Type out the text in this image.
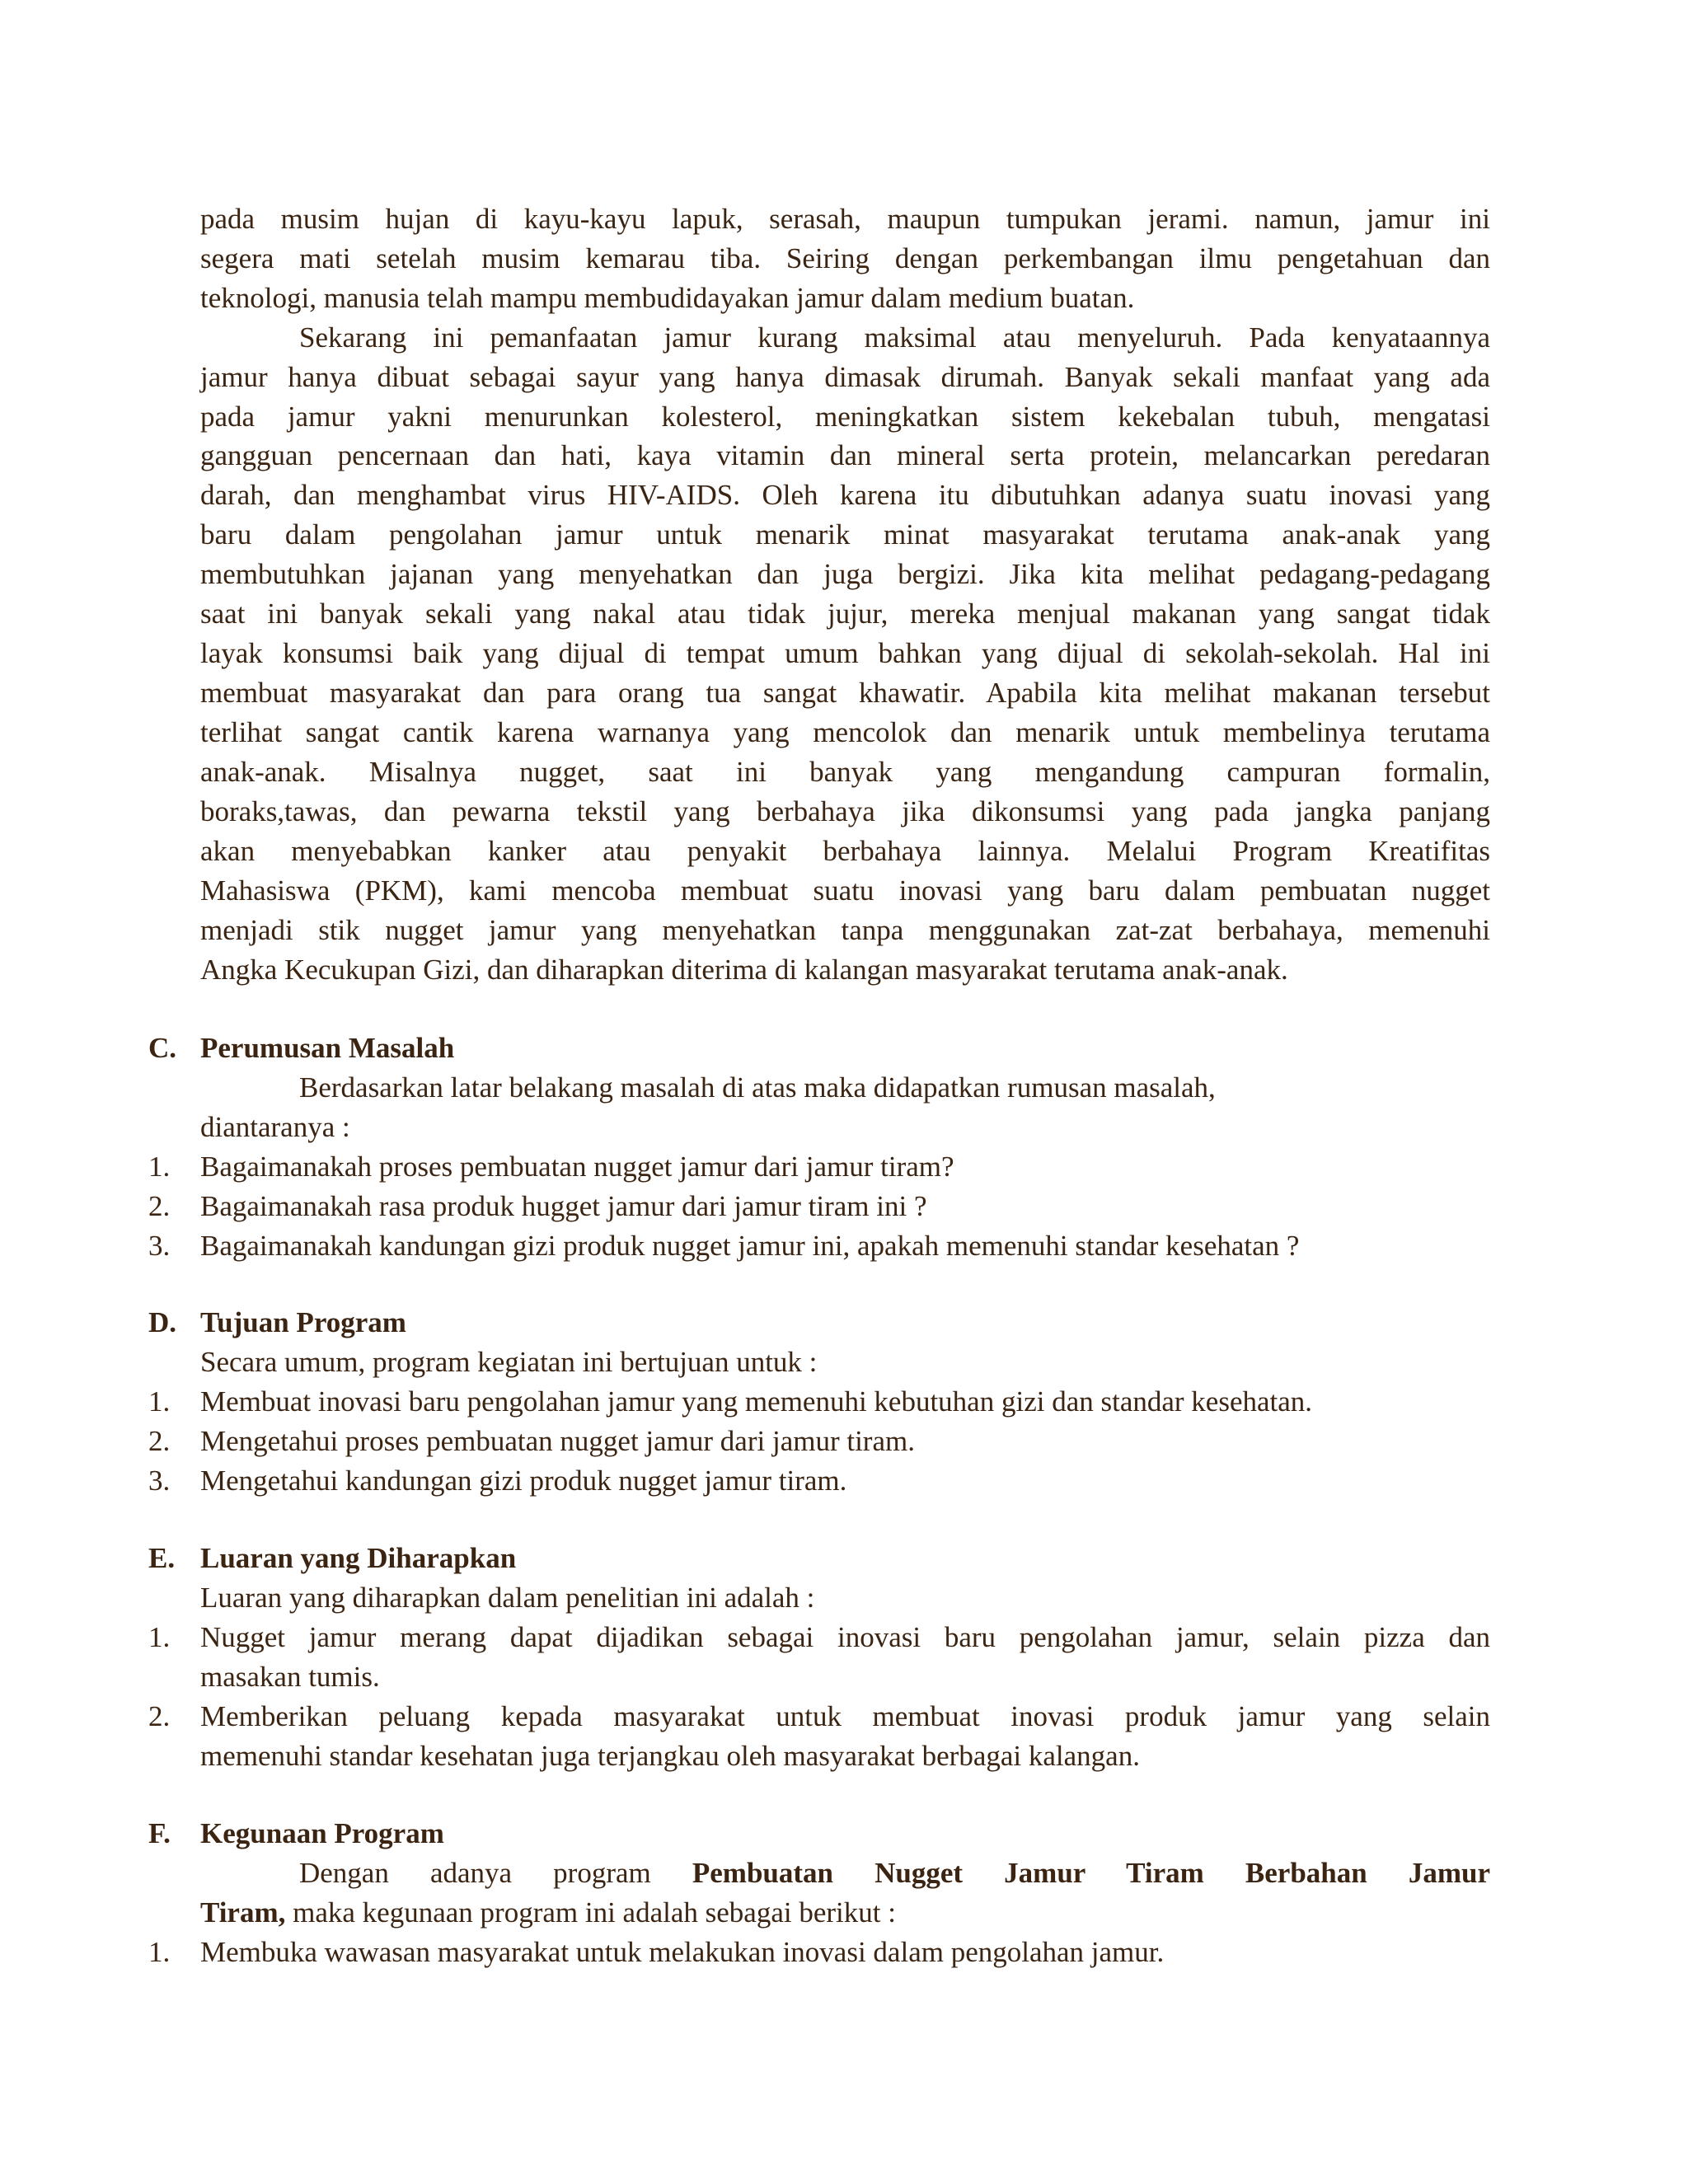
pada musim hujan di kayu-kayu lapuk, serasah, maupun tumpukan jerami. namun, jamur ini
segera mati setelah musim kemarau tiba. Seiring dengan perkembangan ilmu pengetahuan dan
teknologi, manusia telah mampu membudidayakan jamur dalam medium buatan.
Sekarang ini pemanfaatan jamur kurang maksimal atau menyeluruh. Pada kenyataannya
jamur hanya dibuat sebagai sayur yang hanya dimasak dirumah. Banyak sekali manfaat yang ada
pada jamur yakni menurunkan kolesterol, meningkatkan sistem kekebalan tubuh, mengatasi
gangguan pencernaan dan hati, kaya vitamin dan mineral serta protein, melancarkan peredaran
darah, dan menghambat virus HIV-AIDS. Oleh karena itu dibutuhkan adanya suatu inovasi yang
baru dalam pengolahan jamur untuk menarik minat masyarakat terutama anak-anak yang
membutuhkan jajanan yang menyehatkan dan juga bergizi. Jika kita melihat pedagang-pedagang
saat ini banyak sekali yang nakal atau tidak jujur, mereka menjual makanan yang sangat tidak
layak konsumsi baik yang dijual di tempat umum bahkan yang dijual di sekolah-sekolah. Hal ini
membuat masyarakat dan para orang tua sangat khawatir. Apabila kita melihat makanan tersebut
terlihat sangat cantik karena warnanya yang mencolok dan menarik untuk membelinya terutama
anak-anak. Misalnya nugget, saat ini banyak yang mengandung campuran formalin,
boraks,tawas, dan pewarna tekstil yang berbahaya jika dikonsumsi yang pada jangka panjang
akan menyebabkan kanker atau penyakit berbahaya lainnya. Melalui Program Kreatifitas
Mahasiswa (PKM), kami mencoba membuat suatu inovasi yang baru dalam pembuatan nugget
menjadi stik nugget jamur yang menyehatkan tanpa menggunakan zat-zat berbahaya, memenuhi
Angka Kecukupan Gizi, dan diharapkan diterima di kalangan masyarakat terutama anak-anak.
C. Perumusan Masalah
Berdasarkan latar belakang masalah di atas maka didapatkan rumusan masalah,
diantaranya :
1. Bagaimanakah proses pembuatan nugget jamur dari jamur tiram?
2. Bagaimanakah rasa produk hugget jamur dari jamur tiram ini ?
3. Bagaimanakah kandungan gizi produk nugget jamur ini, apakah memenuhi standar kesehatan ?
D. Tujuan Program
Secara umum, program kegiatan ini bertujuan untuk :
1. Membuat inovasi baru pengolahan jamur yang memenuhi kebutuhan gizi dan standar kesehatan.
2. Mengetahui proses pembuatan nugget jamur dari jamur tiram.
3. Mengetahui kandungan gizi produk nugget jamur tiram.
E. Luaran yang Diharapkan
Luaran yang diharapkan dalam penelitian ini adalah :
1. Nugget jamur merang dapat dijadikan sebagai inovasi baru pengolahan jamur, selain pizza dan
masakan tumis.
2. Memberikan peluang kepada masyarakat untuk membuat inovasi produk jamur yang selain
memenuhi standar kesehatan juga terjangkau oleh masyarakat berbagai kalangan.
F. Kegunaan Program
Dengan adanya program Pembuatan Nugget Jamur Tiram Berbahan Jamur
Tiram, maka kegunaan program ini adalah sebagai berikut :
1. Membuka wawasan masyarakat untuk melakukan inovasi dalam pengolahan jamur.
